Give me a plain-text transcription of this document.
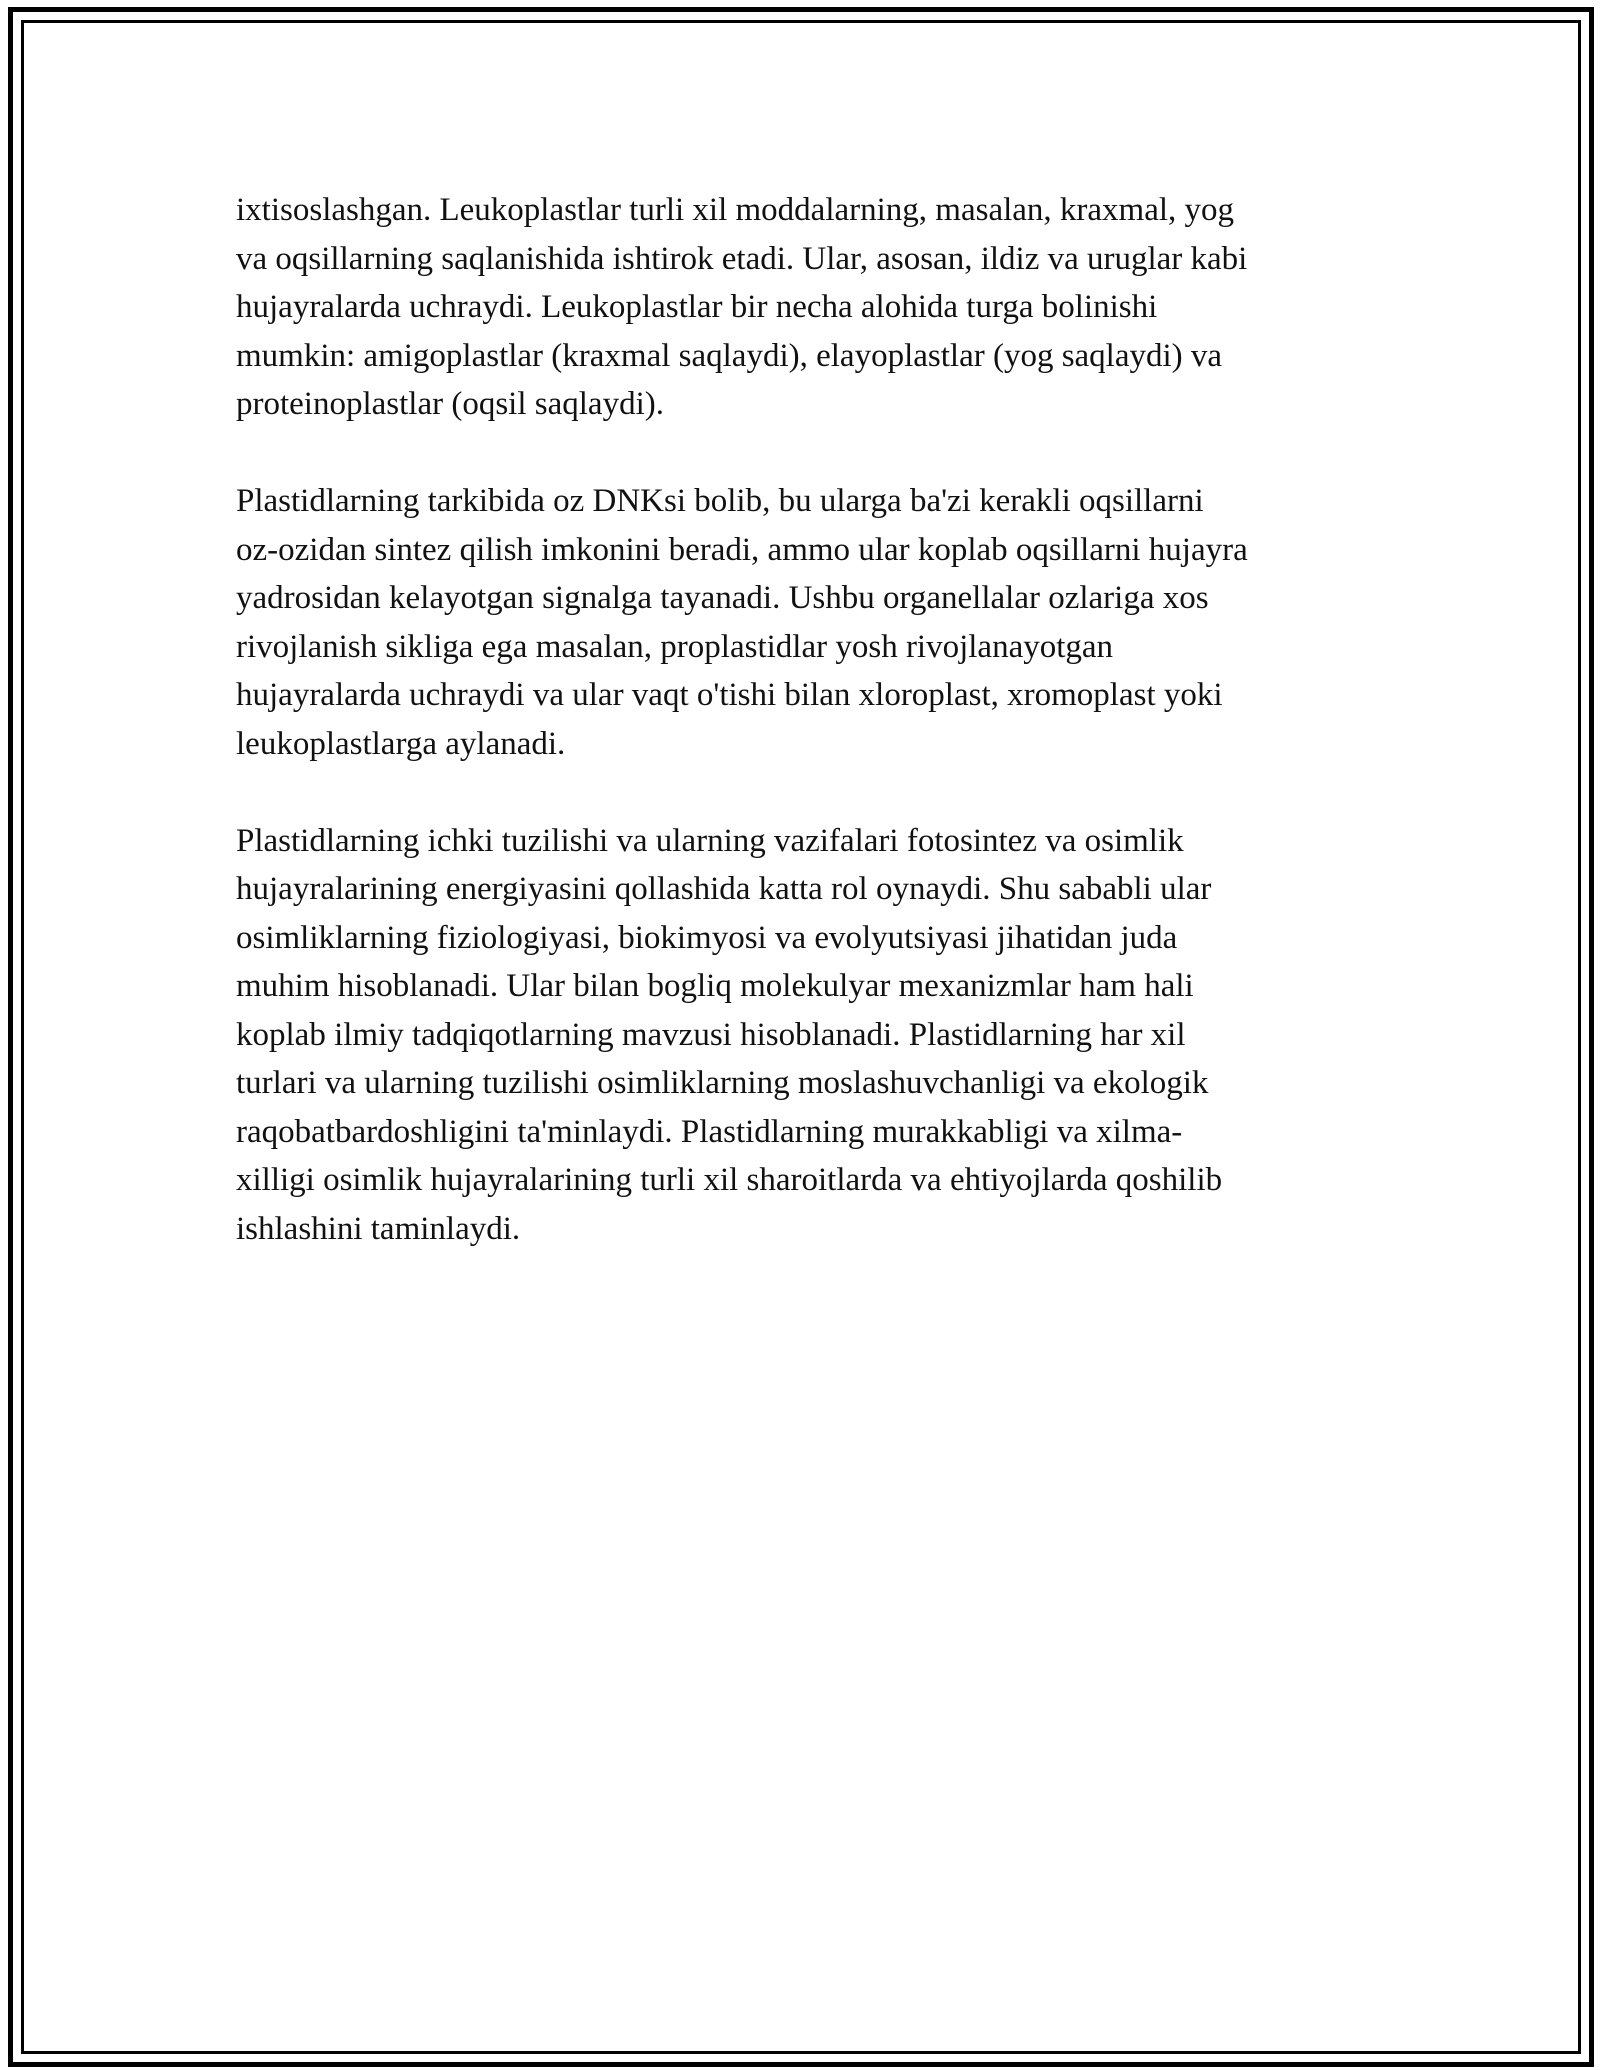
ixtisoslashgan. Leukoplastlar turli xil moddalarning, masalan, kraxmal, yog
va oqsillarning saqlanishida ishtirok etadi. Ular, asosan, ildiz va uruglar kabi
hujayralarda uchraydi. Leukoplastlar bir necha alohida turga bolinishi
mumkin: amigoplastlar (kraxmal saqlaydi), elayoplastlar (yog saqlaydi) va
proteinoplastlar (oqsil saqlaydi).

Plastidlarning tarkibida oz DNKsi bolib, bu ularga ba'zi kerakli oqsillarni
oz-ozidan sintez qilish imkonini beradi, ammo ular koplab oqsillarni hujayra
yadrosidan kelayotgan signalga tayanadi. Ushbu organellalar ozlariga xos
rivojlanish sikliga ega masalan, proplastidlar yosh rivojlanayotgan
hujayralarda uchraydi va ular vaqt o'tishi bilan xloroplast, xromoplast yoki
leukoplastlarga aylanadi.

Plastidlarning ichki tuzilishi va ularning vazifalari fotosintez va osimlik
hujayralarining energiyasini qollashida katta rol oynaydi. Shu sababli ular
osimliklarning fiziologiyasi, biokimyosi va evolyutsiyasi jihatidan juda
muhim hisoblanadi. Ular bilan bogliq molekulyar mexanizmlar ham hali
koplab ilmiy tadqiqotlarning mavzusi hisoblanadi. Plastidlarning har xil
turlari va ularning tuzilishi osimliklarning moslashuvchanligi va ekologik
raqobatbardoshligini ta'minlaydi. Plastidlarning murakkabligi va xilma-
xilligi osimlik hujayralarining turli xil sharoitlarda va ehtiyojlarda qoshilib
ishlashini taminlaydi.
